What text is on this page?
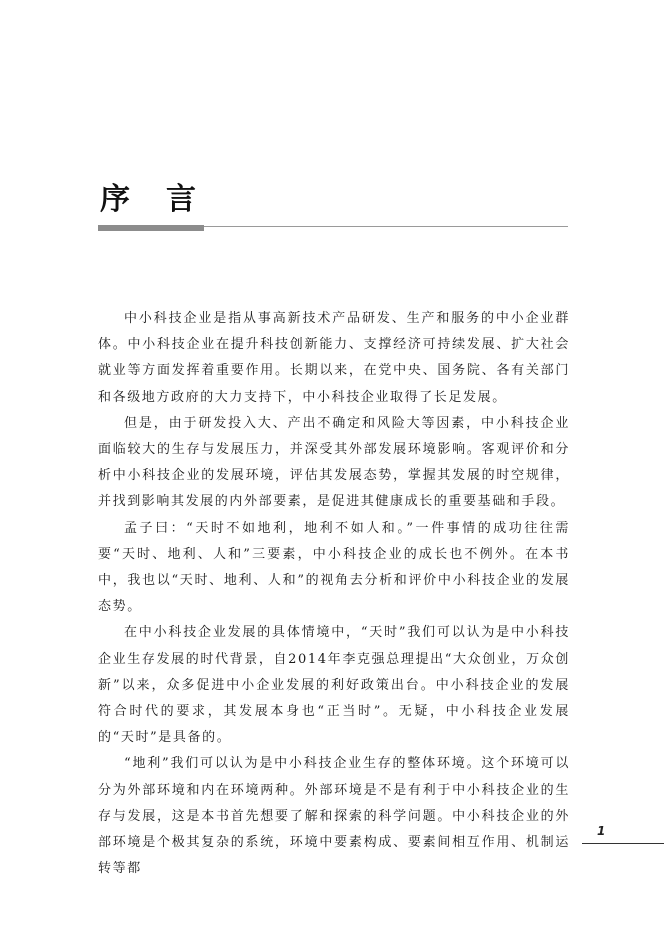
序言

中小科技企业是指从事高新技术产品研发、生产和服务的中小企业群体。中小科技企业在提升科技创新能力、支撑经济可持续发展、扩大社会就业等方面发挥着重要作用。长期以来，在党中央、国务院、各有关部门和各级地方政府的大力支持下，中小科技企业取得了长足发展。

但是，由于研发投入大、产出不确定和风险大等因素，中小科技企业面临较大的生存与发展压力，并深受其外部发展环境影响。客观评价和分析中小科技企业的发展环境，评估其发展态势，掌握其发展的时空规律，并找到影响其发展的内外部要素，是促进其健康成长的重要基础和手段。

孟子曰：“天时不如地利，地利不如人和。”一件事情的成功往往需要“天时、地利、人和”三要素，中小科技企业的成长也不例外。在本书中，我也以“天时、地利、人和”的视角去分析和评价中小科技企业的发展态势。

在中小科技企业发展的具体情境中，“天时”我们可以认为是中小科技企业生存发展的时代背景，自2014年李克强总理提出“大众创业，万众创新”以来，众多促进中小企业发展的利好政策出台。中小科技企业的发展符合时代的要求，其发展本身也“正当时”。无疑，中小科技企业发展的“天时”是具备的。

“地利”我们可以认为是中小科技企业生存的整体环境。这个环境可以分为外部环境和内在环境两种。外部环境是不是有利于中小科技企业的生存与发展，这是本书首先想要了解和探索的科学问题。中小科技企业的外部环境是个极其复杂的系统，环境中要素构成、要素间相互作用、机制运转等都

1
